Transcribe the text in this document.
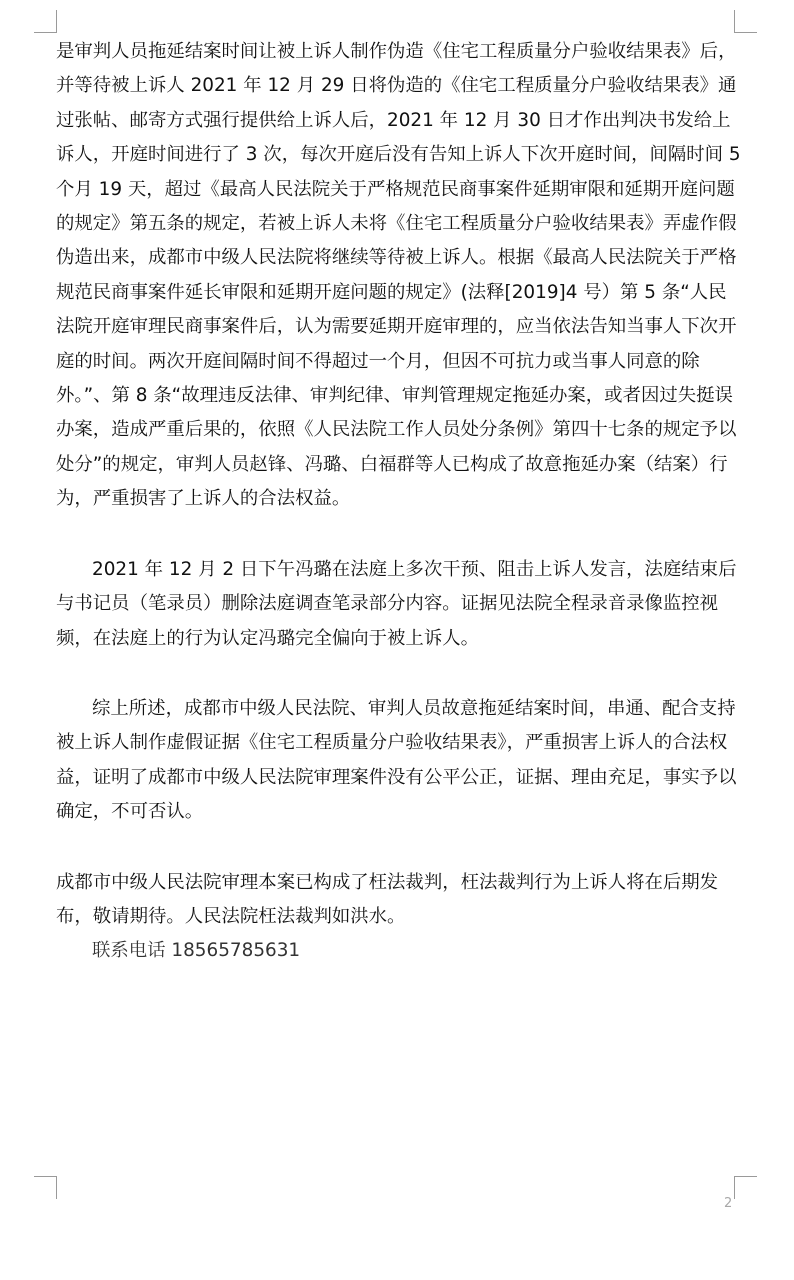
是审判人员拖延结案时间让被上诉人制作伪造《住宅工程质量分户验收结果表》后，并等待被上诉人 2021 年 12 月 29 日将伪造的《住宅工程质量分户验收结果表》通过张帖、邮寄方式强行提供给上诉人后，2021 年 12 月 30 日才作出判决书发给上诉人，开庭时间进行了 3 次，每次开庭后没有告知上诉人下次开庭时间，间隔时间 5 个月 19 天，超过《最高人民法院关于严格规范民商事案件延期审限和延期开庭问题的规定》第五条的规定，若被上诉人未将《住宅工程质量分户验收结果表》弄虚作假伪造出来，成都市中级人民法院将继续等待被上诉人。根据《最高人民法院关于严格规范民商事案件延长审限和延期开庭问题的规定》(法释[2019]4 号）第 5 条“人民法院开庭审理民商事案件后，认为需要延期开庭审理的，应当依法告知当事人下次开庭的时间。两次开庭间隔时间不得超过一个月，但因不可抗力或当事人同意的除外。”、第 8 条“故理违反法律、审判纪律、审判管理规定拖延办案，或者因过失挺误办案，造成严重后果的，依照《人民法院工作人员处分条例》第四十七条的规定予以处分”的规定，审判人员赵锋、冯璐、白福群等人已构成了故意拖延办案（结案）行为，严重损害了上诉人的合法权益。

2021 年 12 月 2 日下午冯璐在法庭上多次干预、阻击上诉人发言，法庭结束后与书记员（笔录员）删除法庭调查笔录部分内容。证据见法院全程录音录像监控视频，在法庭上的行为认定冯璐完全偏向于被上诉人。

综上所述，成都市中级人民法院、审判人员故意拖延结案时间，串通、配合支持被上诉人制作虚假证据《住宅工程质量分户验收结果表》，严重损害上诉人的合法权益，证明了成都市中级人民法院审理案件没有公平公正，证据、理由充足，事实予以确定，不可否认。

成都市中级人民法院审理本案已构成了枉法裁判，枉法裁判行为上诉人将在后期发布，敬请期待。人民法院枉法裁判如洪水。

联系电话 18565785631

2
